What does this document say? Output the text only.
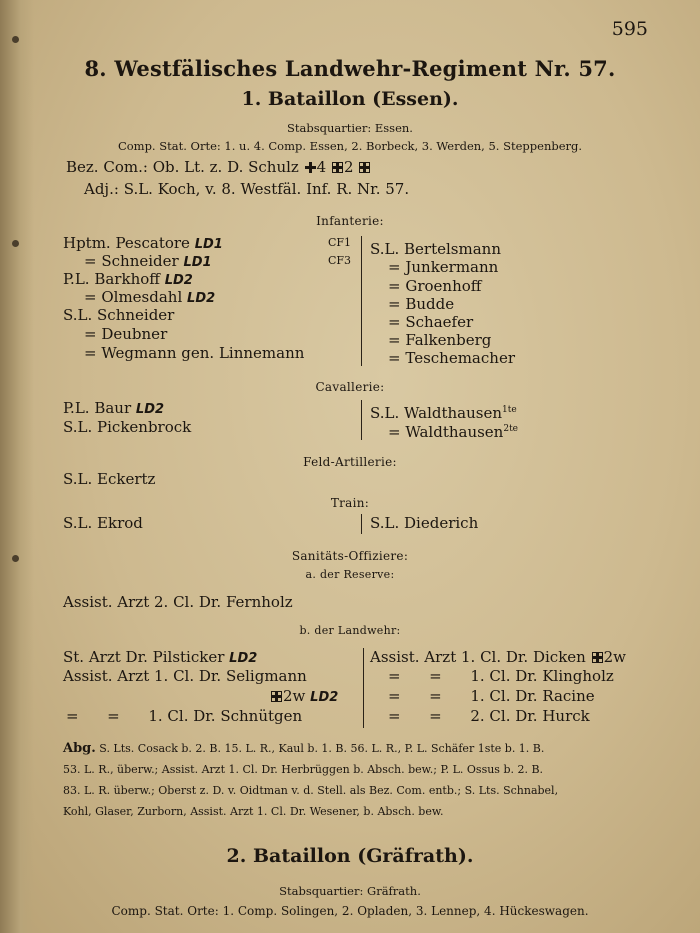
595
8. Westfälisches Landwehr-Regiment Nr. 57.
1. Bataillon (Essen).
Stabsquartier: Essen.
Comp. Stat. Orte: 1. u. 4. Comp. Essen, 2. Borbeck, 3. Werden, 5. Steppenberg.
Bez. Com.: Ob. Lt. z. D. Schulz 4 2
Adj.: S.L. Koch, v. 8. Westfäl. Inf. R. Nr. 57.
Infanterie:
Hptm. Pescatore LD1	CF1
= Schneider LD1	CF3
P.L. Barkhoff LD2
= Olmesdahl LD2
S.L. Schneider
= Deubner
= Wegmann gen. Linnemann
S.L. Bertelsmann
= Junkermann
= Groenhoff
= Budde
= Schaefer
= Falkenberg
= Teschemacher
Cavallerie:
P.L. Baur LD2
S.L. Pickenbrock
S.L. Waldthausen$^{1te}$
= Waldthausen$^{2te}$
Feld-Artillerie:
S.L. Eckertz
Train:
S.L. Ekrod	S.L. Diederich
Sanitäts-Offiziere:
a. der Reserve:
Assist. Arzt 2. Cl. Dr. Fernholz
b. der Landwehr:
St. Arzt Dr. Pilsticker LD2
Assist. Arzt 1. Cl. Dr. Seligmann
2w LD2
=      =      1. Cl. Dr. Schnütgen
Assist. Arzt 1. Cl. Dr. Dicken 2w
=      =      1. Cl. Dr. Klingholz
=      =      1. Cl. Dr. Racine
=      =      2. Cl. Dr. Hurck
Abg. S. Lts. Cosack b. 2. B. 15. L. R., Kaul b. 1. B. 56. L. R., P. L. Schäfer 1ste b. 1. B.
53. L. R., überw.; Assist. Arzt 1. Cl. Dr. Herbrüggen b. Absch. bew.; P. L. Ossus b. 2. B.
83. L. R. überw.; Oberst z. D. v. Oidtman v. d. Stell. als Bez. Com. entb.; S. Lts. Schnabel,
Kohl, Glaser, Zurborn, Assist. Arzt 1. Cl. Dr. Wesener, b. Absch. bew.
2. Bataillon (Gräfrath).
Stabsquartier: Gräfrath.
Comp. Stat. Orte: 1. Comp. Solingen, 2. Opladen, 3. Lennep, 4. Hückeswagen.
